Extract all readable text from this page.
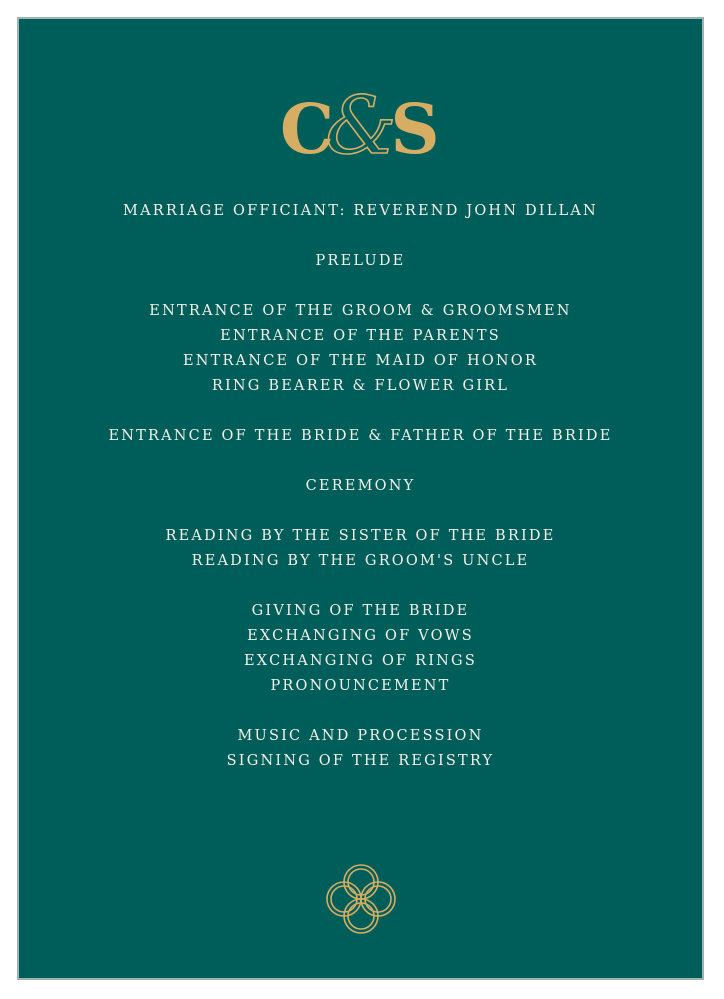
C
&
S
MARRIAGE OFFICIANT: REVEREND JOHN DILLAN
PRELUDE
ENTRANCE OF THE GROOM & GROOMSMEN
ENTRANCE OF THE PARENTS
ENTRANCE OF THE MAID OF HONOR
RING BEARER & FLOWER GIRL
ENTRANCE OF THE BRIDE & FATHER OF THE BRIDE
CEREMONY
READING BY THE SISTER OF THE BRIDE
READING BY THE GROOM'S UNCLE
GIVING OF THE BRIDE
EXCHANGING OF VOWS
EXCHANGING OF RINGS
PRONOUNCEMENT
MUSIC AND PROCESSION
SIGNING OF THE REGISTRY
